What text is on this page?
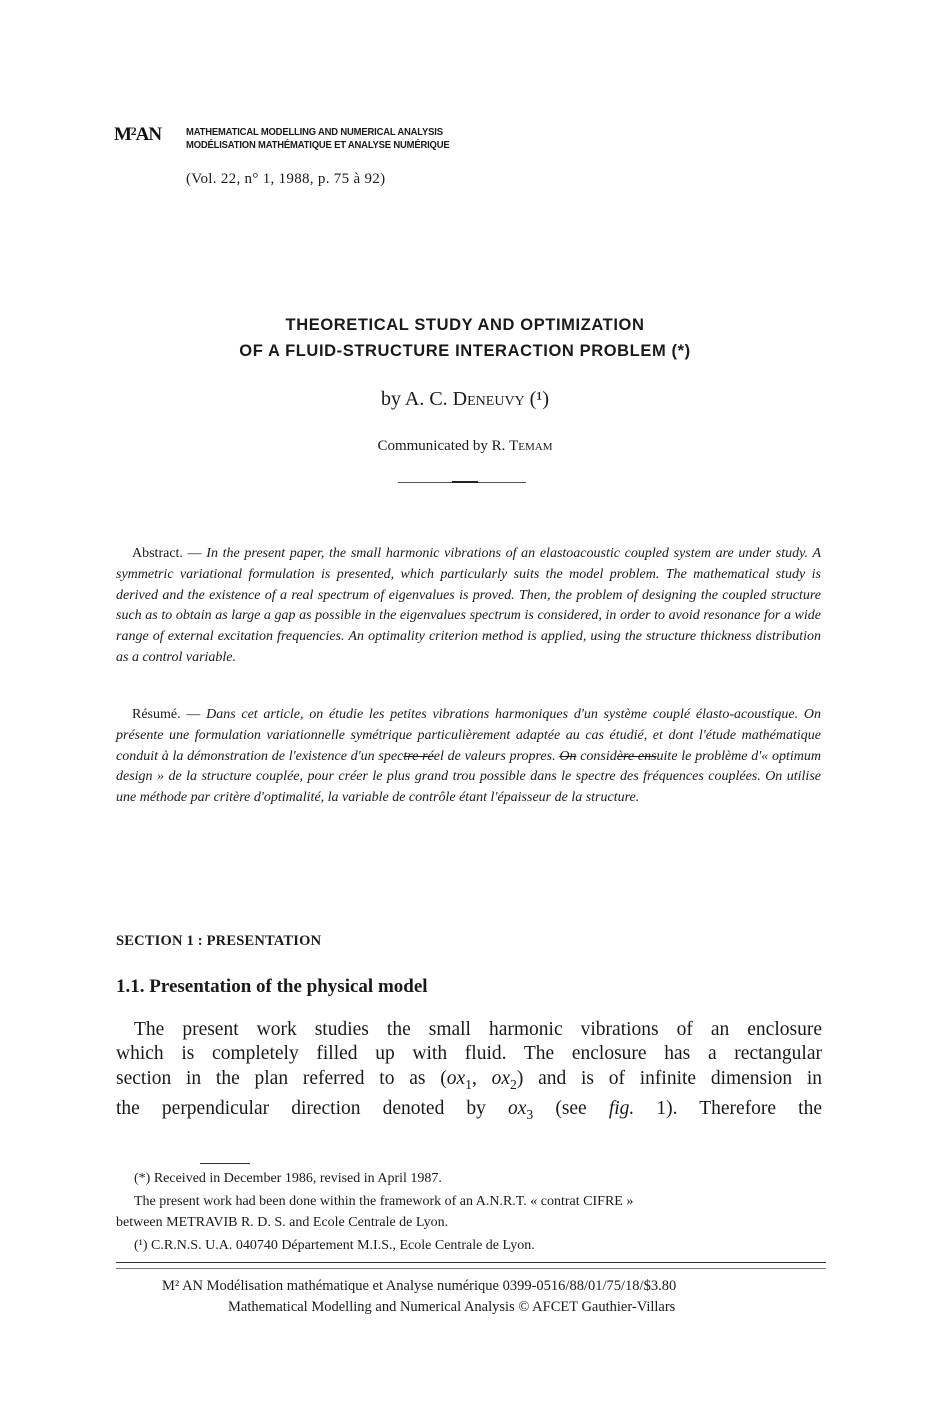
M²AN	MATHEMATICAL MODELLING AND NUMERICAL ANALYSIS
MODÉLISATION MATHÉMATIQUE ET ANALYSE NUMÉRIQUE
(Vol. 22, n° 1, 1988, p. 75 à 92)
THEORETICAL STUDY AND OPTIMIZATION
OF A FLUID-STRUCTURE INTERACTION PROBLEM (*)
by A. C. Deneuvy (¹)
Communicated by R. Temam
Abstract. — In the present paper, the small harmonic vibrations of an elastoacoustic coupled system are under study. A symmetric variational formulation is presented, which particularly suits the model problem. The mathematical study is derived and the existence of a real spectrum of eigenvalues is proved. Then, the problem of designing the coupled structure such as to obtain as large a gap as possible in the eigenvalues spectrum is considered, in order to avoid resonance for a wide range of external excitation frequencies. An optimality criterion method is applied, using the structure thickness distribution as a control variable.
Résumé. — Dans cet article, on étudie les petites vibrations harmoniques d'un système couplé élasto-acoustique. On présente une formulation variationnelle symétrique particulièrement adaptée au cas étudié, et dont l'étude mathématique conduit à la démonstration de l'existence d'un spectre réel de valeurs propres. On considère ensuite le problème d'« optimum design » de la structure couplée, pour créer le plus grand trou possible dans le spectre des fréquences couplées. On utilise une méthode par critère d'optimalité, la variable de contrôle étant l'épaisseur de la structure.
SECTION 1 : PRESENTATION
1.1. Presentation of the physical model
The present work studies the small harmonic vibrations of an enclosure
which is completely filled up with fluid. The enclosure has a rectangular
section in the plan referred to as ($ox_1$, $ox_2$) and is of infinite dimension in
the perpendicular direction denoted by $ox_3$ (see fig. 1). Therefore the
(*) Received in December 1986, revised in April 1987.
The present work had been done within the framework of an A.N.R.T. « contrat CIFRE »
between METRAVIB R. D. S. and Ecole Centrale de Lyon.
(¹) C.R.N.S. U.A. 040740 Département M.I.S., Ecole Centrale de Lyon.
M² AN Modélisation mathématique et Analyse numérique 0399-0516/88/01/75/18/$3.80
Mathematical Modelling and Numerical Analysis © AFCET Gauthier-Villars
